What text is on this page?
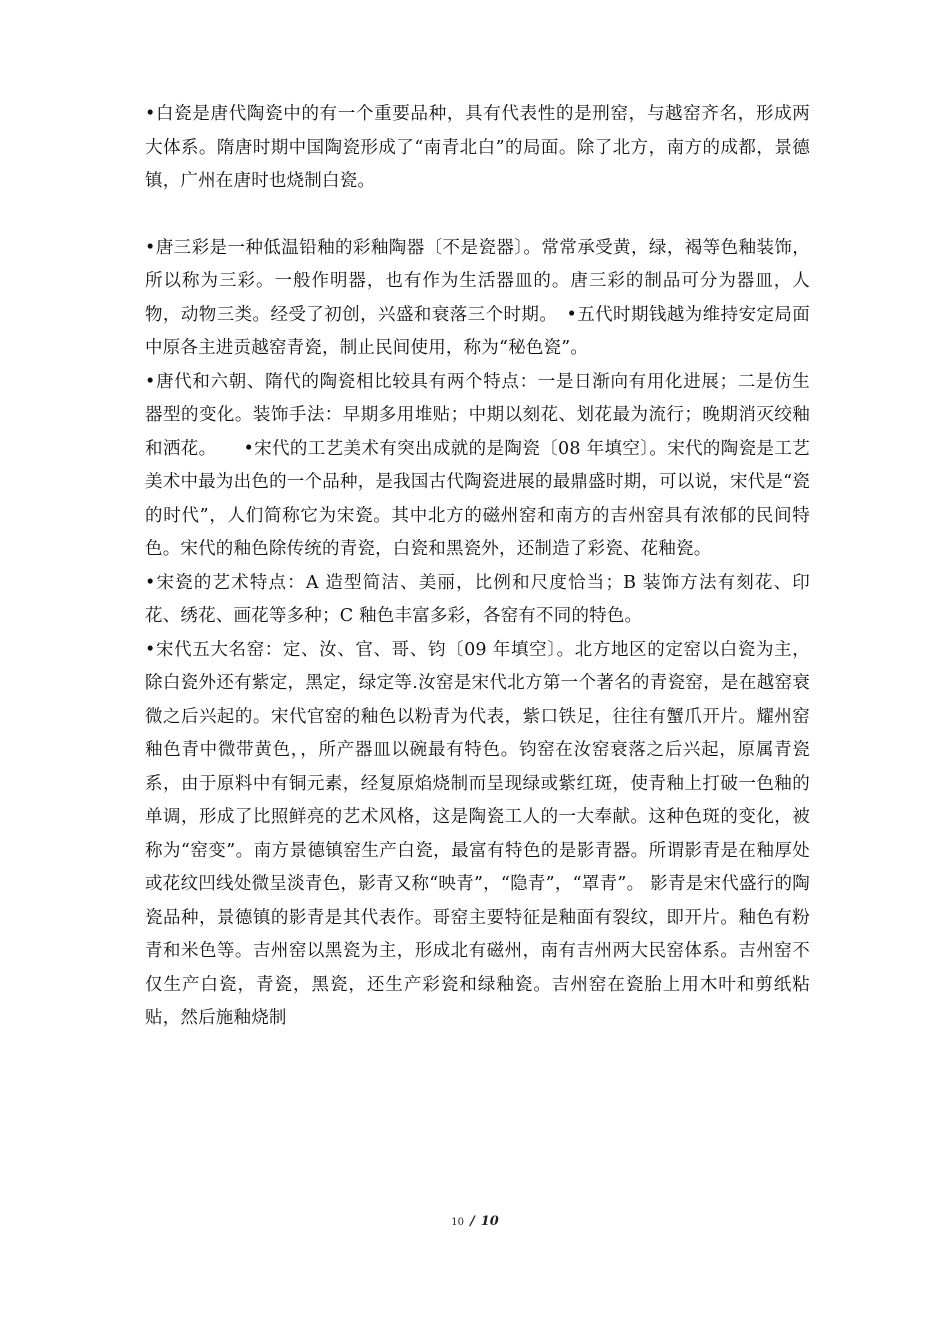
•白瓷是唐代陶瓷中的有一个重要品种，具有代表性的是刑窑，与越窑齐名，形成两大体系。隋唐时期中国陶瓷形成了“南青北白”的局面。除了北方，南方的成都，景德镇，广州在唐时也烧制白瓷。

•唐三彩是一种低温铅釉的彩釉陶器〔不是瓷器〕。常常承受黄，绿，褐等色釉装饰，所以称为三彩。一般作明器，也有作为生活器皿的。唐三彩的制品可分为器皿，人物，动物三类。经受了初创，兴盛和衰落三个时期。　•五代时期钱越为维持安定局面中原各主进贡越窑青瓷，制止民间使用，称为“秘色瓷”。

•唐代和六朝、隋代的陶瓷相比较具有两个特点：一是日渐向有用化进展；二是仿生器型的变化。装饰手法：早期多用堆贴；中期以刻花、划花最为流行；晚期消灭绞釉和洒花。　　•宋代的工艺美术有突出成就的是陶瓷〔08 年填空〕。宋代的陶瓷是工艺美术中最为出色的一个品种，是我国古代陶瓷进展的最鼎盛时期，可以说，宋代是“瓷的时代”，人们简称它为宋瓷。其中北方的磁州窑和南方的吉州窑具有浓郁的民间特色。宋代的釉色除传统的青瓷，白瓷和黑瓷外，还制造了彩瓷、花釉瓷。

•宋瓷的艺术特点：A 造型简洁、美丽，比例和尺度恰当；B 装饰方法有刻花、印花、绣花、画花等多种；C 釉色丰富多彩，各窑有不同的特色。

•宋代五大名窑：定、汝、官、哥、钧〔09 年填空〕。北方地区的定窑以白瓷为主，除白瓷外还有紫定，黑定，绿定等.汝窑是宋代北方第一个著名的青瓷窑，是在越窑衰微之后兴起的。宋代官窑的釉色以粉青为代表，紫口铁足，往往有蟹爪开片。耀州窑釉色青中微带黄色，，所产器皿以碗最有特色。钧窑在汝窑衰落之后兴起，原属青瓷系，由于原料中有铜元素，经复原焰烧制而呈现绿或紫红斑，使青釉上打破一色釉的单调，形成了比照鲜亮的艺术风格，这是陶瓷工人的一大奉献。这种色斑的变化，被称为“窑变”。南方景德镇窑生产白瓷，最富有特色的是影青器。所谓影青是在釉厚处或花纹凹线处微呈淡青色，影青又称“映青”，“隐青”，“罩青”。 影青是宋代盛行的陶瓷品种，景德镇的影青是其代表作。哥窑主要特征是釉面有裂纹，即开片。釉色有粉青和米色等。吉州窑以黑瓷为主，形成北有磁州，南有吉州两大民窑体系。吉州窑不仅生产白瓷，青瓷，黑瓷，还生产彩瓷和绿釉瓷。吉州窑在瓷胎上用木叶和剪纸粘贴，然后施釉烧制

10 / 10
